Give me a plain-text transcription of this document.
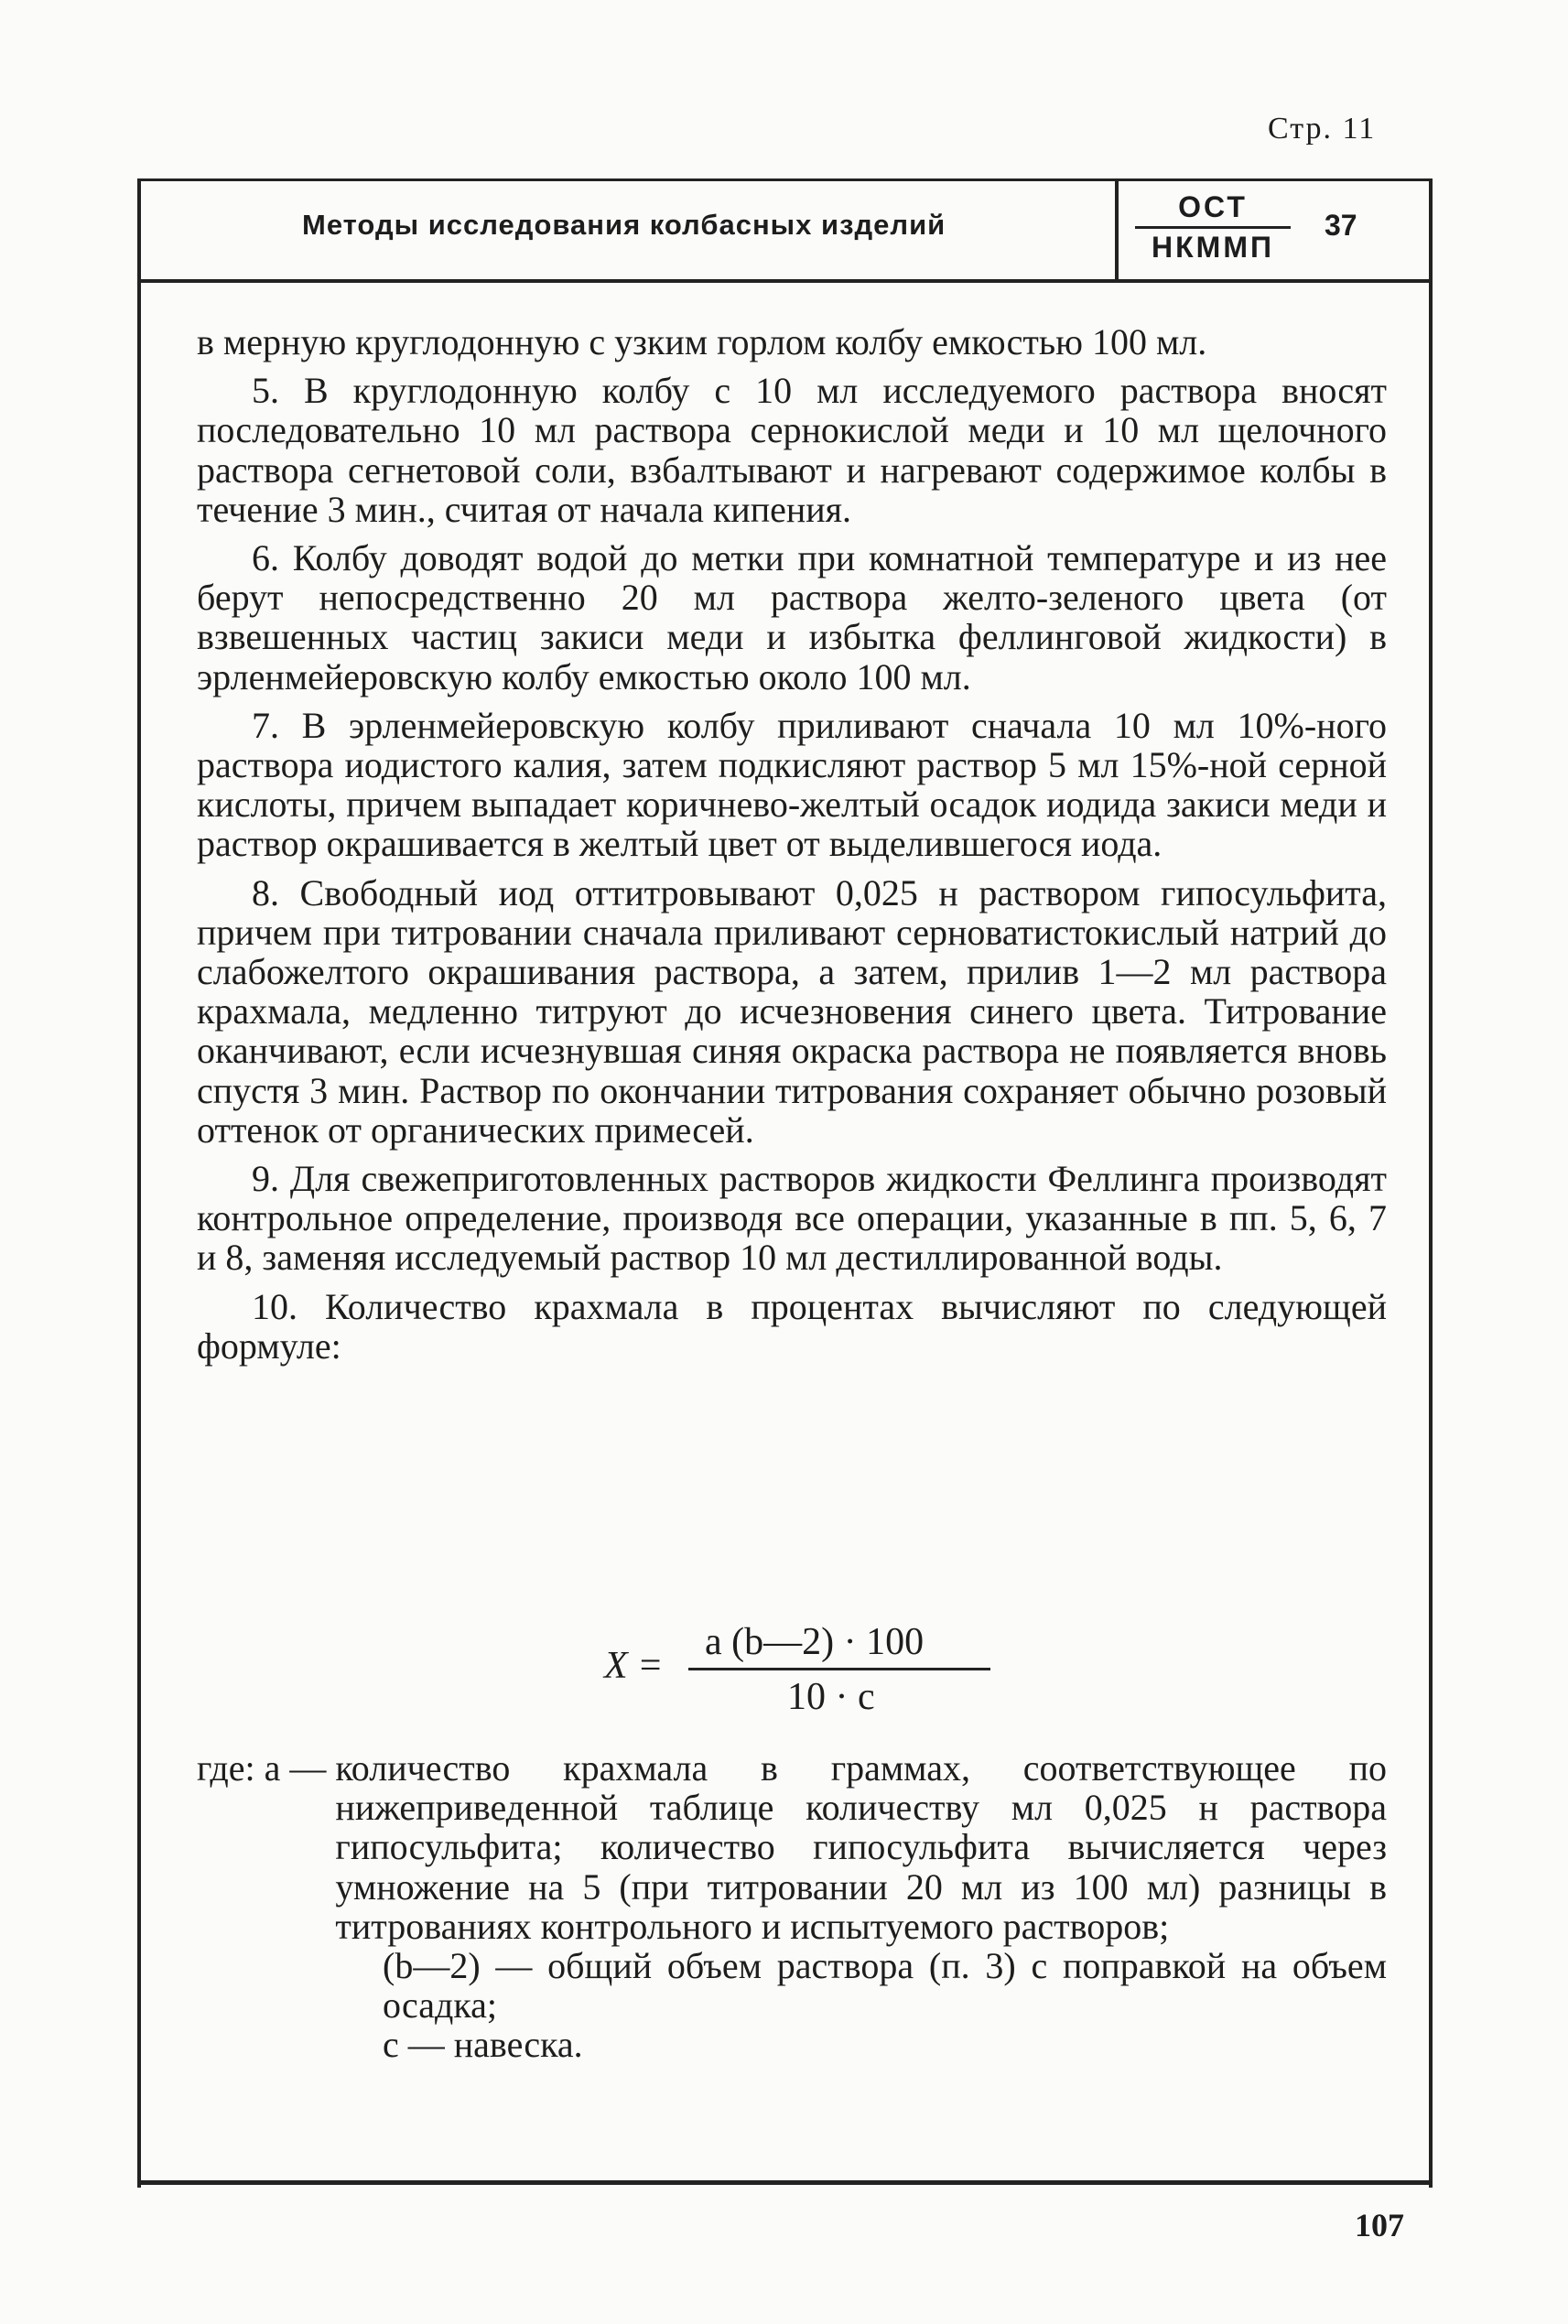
Стр. 11
Методы исследования колбасных изделий
ОСТ
НКММП
37

в мерную круглодонную с узким горлом колбу емкостью 100 мл.

5. В круглодонную колбу с 10 мл исследуемого раствора вносят последовательно 10 мл раствора сернокислой меди и 10 мл щелочного раствора сегнетовой соли, взбалтывают и нагревают содержимое колбы в течение 3 мин., считая от начала кипения.

6. Колбу доводят водой до метки при комнатной температуре и из нее берут непосредственно 20 мл раствора желто-зеленого цвета (от взвешенных частиц закиси меди и избытка феллинговой жидкости) в эрленмейеровскую колбу емкостью около 100 мл.

7. В эрленмейеровскую колбу приливают сначала 10 мл 10%-ного раствора иодистого калия, затем подкисляют раствор 5 мл 15%-ной серной кислоты, причем выпадает коричнево-желтый осадок иодида закиси меди и раствор окрашивается в желтый цвет от выделившегося иода.

8. Свободный иод оттитровывают 0,025 н раствором гипосульфита, причем при титровании сначала приливают серноватистокислый натрий до слабожелтого окрашивания раствора, а затем, прилив 1—2 мл раствора крахмала, медленно титруют до исчезновения синего цвета. Титрование оканчивают, если исчезнувшая синяя окраска раствора не появляется вновь спустя 3 мин. Раствор по окончании титрования сохраняет обычно розовый оттенок от органических примесей.

9. Для свежеприготовленных растворов жидкости Феллинга производят контрольное определение, производя все операции, указанные в пп. 5, 6, 7 и 8, заменяя исследуемый раствор 10 мл дестиллированной воды.

10. Количество крахмала в процентах вычисляют по следующей формуле:

X =
a (b—2) · 100
10 · c
где:
a —
количество крахмала в граммах, соответствующее по нижеприведенной таблице количеству мл 0,025 н раствора гипосульфита; количество гипосульфита вычисляется через умножение на 5 (при титровании 20 мл из 100 мл) разницы в титрованиях контрольного и испытуемого растворов;
(b—2) — общий объем раствора (п. 3) с поправкой на объем осадка;
c — навеска.
107
